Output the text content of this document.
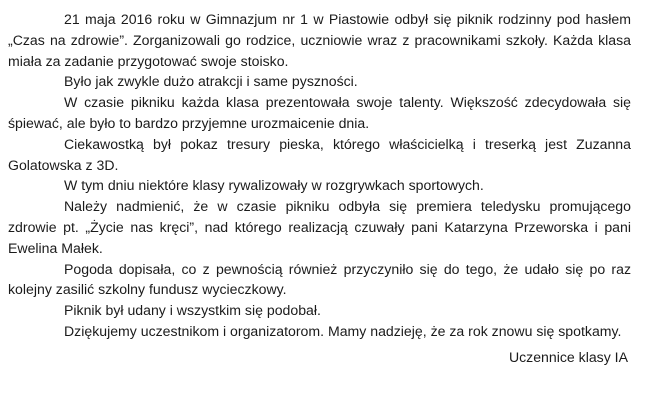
21 maja 2016 roku w Gimnazjum nr 1 w Piastowie odbył się piknik rodzinny pod hasłem „Czas na zdrowie”. Zorganizowali go rodzice, uczniowie wraz z pracownikami szkoły. Każda klasa miała za zadanie przygotować swoje stoisko.

Było jak zwykle dużo atrakcji i same pyszności.

W czasie pikniku każda klasa prezentowała swoje talenty. Większość zdecydowała się śpiewać, ale było to bardzo przyjemne urozmaicenie dnia.

Ciekawostką był pokaz tresury pieska, którego właścicielką i treserką jest Zuzanna Golatowska z 3D.

W tym dniu niektóre klasy rywalizowały w rozgrywkach sportowych.

Należy nadmienić, że w czasie pikniku odbyła się premiera teledysku promującego zdrowie pt. „Życie nas kręci”, nad którego realizacją czuwały pani Katarzyna Przeworska i pani Ewelina Małek.

Pogoda dopisała, co z pewnością również przyczyniło się do tego, że udało się po raz kolejny zasilić szkolny fundusz wycieczkowy.

Piknik był udany i wszystkim się podobał.

Dziękujemy uczestnikom i organizatorom. Mamy nadzieję, że za rok znowu się spotkamy.

Uczennice klasy IA
